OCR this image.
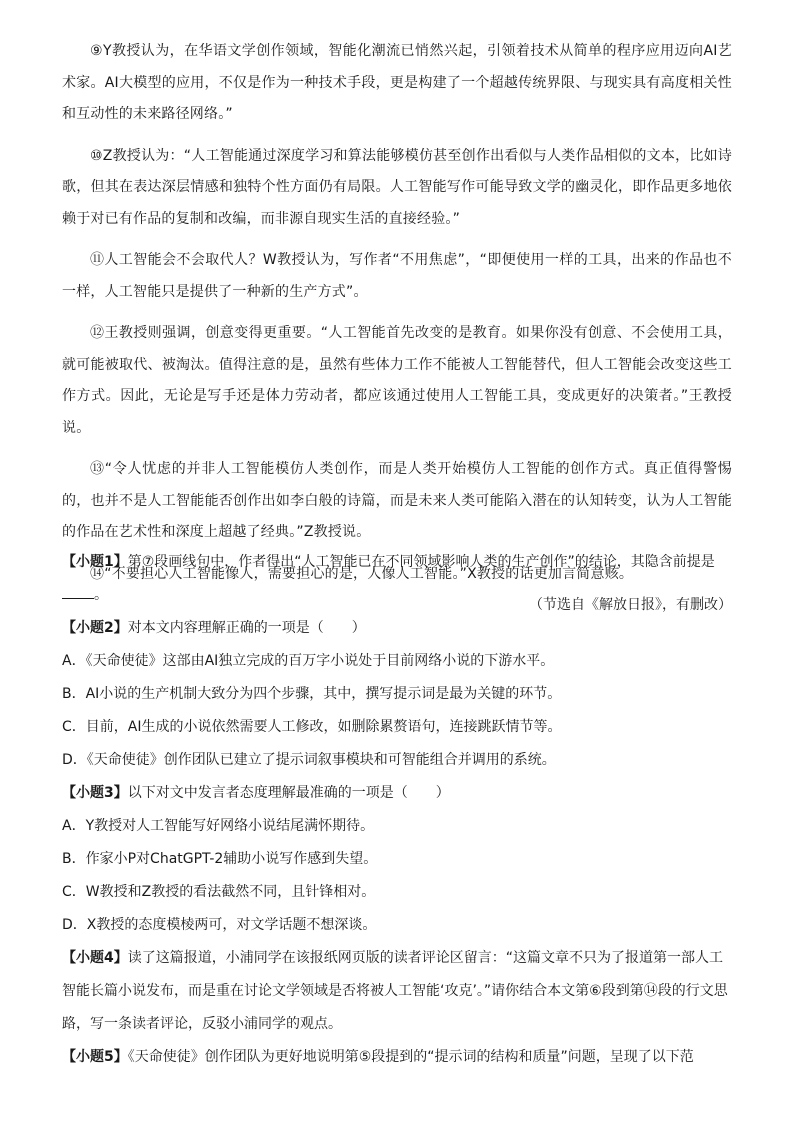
⑨Y教授认为，在华语文学创作领域，智能化潮流已悄然兴起，引领着技术从简单的程序应用迈向AI艺术家。AI大模型的应用，不仅是作为一种技术手段，更是构建了一个超越传统界限、与现实具有高度相关性和互动性的未来路径网络。”

⑩Z教授认为：“人工智能通过深度学习和算法能够模仿甚至创作出看似与人类作品相似的文本，比如诗歌，但其在表达深层情感和独特个性方面仍有局限。人工智能写作可能导致文学的幽灵化，即作品更多地依赖于对已有作品的复制和改编，而非源自现实生活的直接经验。”

⑪人工智能会不会取代人？W教授认为，写作者“不用焦虑”，“即便使用一样的工具，出来的作品也不一样，人工智能只是提供了一种新的生产方式”。

⑫王教授则强调，创意变得更重要。“人工智能首先改变的是教育。如果你没有创意、不会使用工具，就可能被取代、被淘汰。值得注意的是，虽然有些体力工作不能被人工智能替代，但人工智能会改变这些工作方式。因此，无论是写手还是体力劳动者，都应该通过使用人工智能工具，变成更好的决策者。”王教授说。

⑬“令人忧虑的并非人工智能模仿人类创作，而是人类开始模仿人工智能的创作方式。真正值得警惕的，也并不是人工智能能否创作出如李白般的诗篇，而是未来人类可能陷入潜在的认知转变，认为人工智能的作品在艺术性和深度上超越了经典。”Z教授说。

⑭“不要担心人工智能像人，需要担心的是，人像人工智能。”X教授的话更加言简意赅。

（节选自《解放日报》，有删改）

【小题1】第⑦段画线句中，作者得出“人工智能已在不同领域影响人类的生产创作”的结论，其隐含前提是。

【小题2】对本文内容理解正确的一项是（　　）

A．《天命使徒》这部由AI独立完成的百万字小说处于目前网络小说的下游水平。

B．AI小说的生产机制大致分为四个步骤，其中，撰写提示词是最为关键的环节。

C．目前，AI生成的小说依然需要人工修改，如删除累赘语句，连接跳跃情节等。

D．《天命使徒》创作团队已建立了提示词叙事模块和可智能组合并调用的系统。

【小题3】以下对文中发言者态度理解最准确的一项是（　　）

A．Y教授对人工智能写好网络小说结尾满怀期待。

B．作家小P对ChatGPT-2辅助小说写作感到失望。

C．W教授和Z教授的看法截然不同，且针锋相对。

D．X教授的态度模棱两可，对文学话题不想深谈。

【小题4】读了这篇报道，小浦同学在该报纸网页版的读者评论区留言：“这篇文章不只为了报道第一部人工智能长篇小说发布，而是重在讨论文学领域是否将被人工智能‘攻克’。”请你结合本文第⑥段到第⑭段的行文思路，写一条读者评论，反驳小浦同学的观点。

【小题5】《天命使徒》创作团队为更好地说明第⑤段提到的“提示词的结构和质量”问题，呈现了以下范
